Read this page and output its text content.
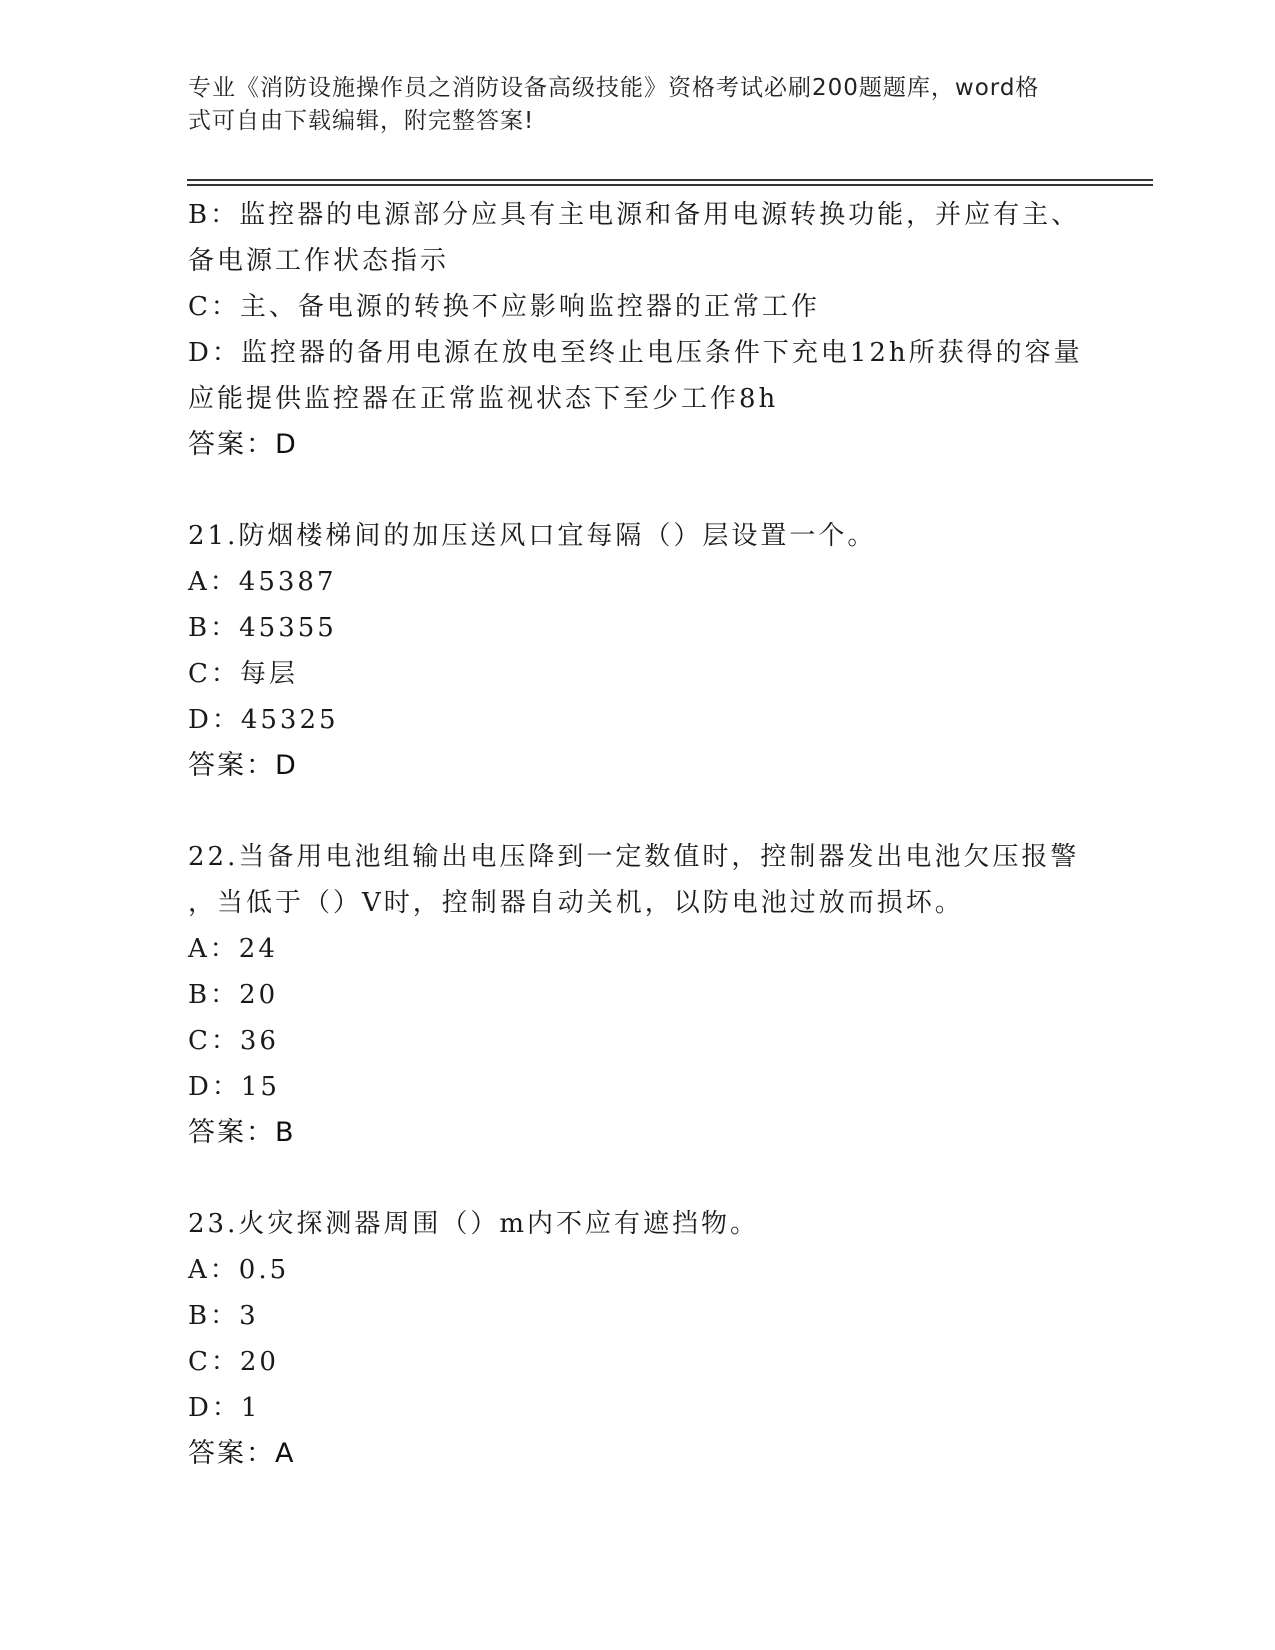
专业《消防设施操作员之消防设备高级技能》资格考试必刷200题题库，word格
式可自由下载编辑，附完整答案!
B：监控器的电源部分应具有主电源和备用电源转换功能，并应有主、
备电源工作状态指示
C：主、备电源的转换不应影响监控器的正常工作
D：监控器的备用电源在放电至终止电压条件下充电12h所获得的容量
应能提供监控器在正常监视状态下至少工作8h
答案：D
21.防烟楼梯间的加压送风口宜每隔（）层设置一个。
A：45387
B：45355
C：每层
D：45325
答案：D
22.当备用电池组输出电压降到一定数值时，控制器发出电池欠压报警
，当低于（）V时，控制器自动关机，以防电池过放而损坏。
A：24
B：20
C：36
D：15
答案：B
23.火灾探测器周围（）m内不应有遮挡物。
A：0.5
B：3
C：20
D：1
答案：A
